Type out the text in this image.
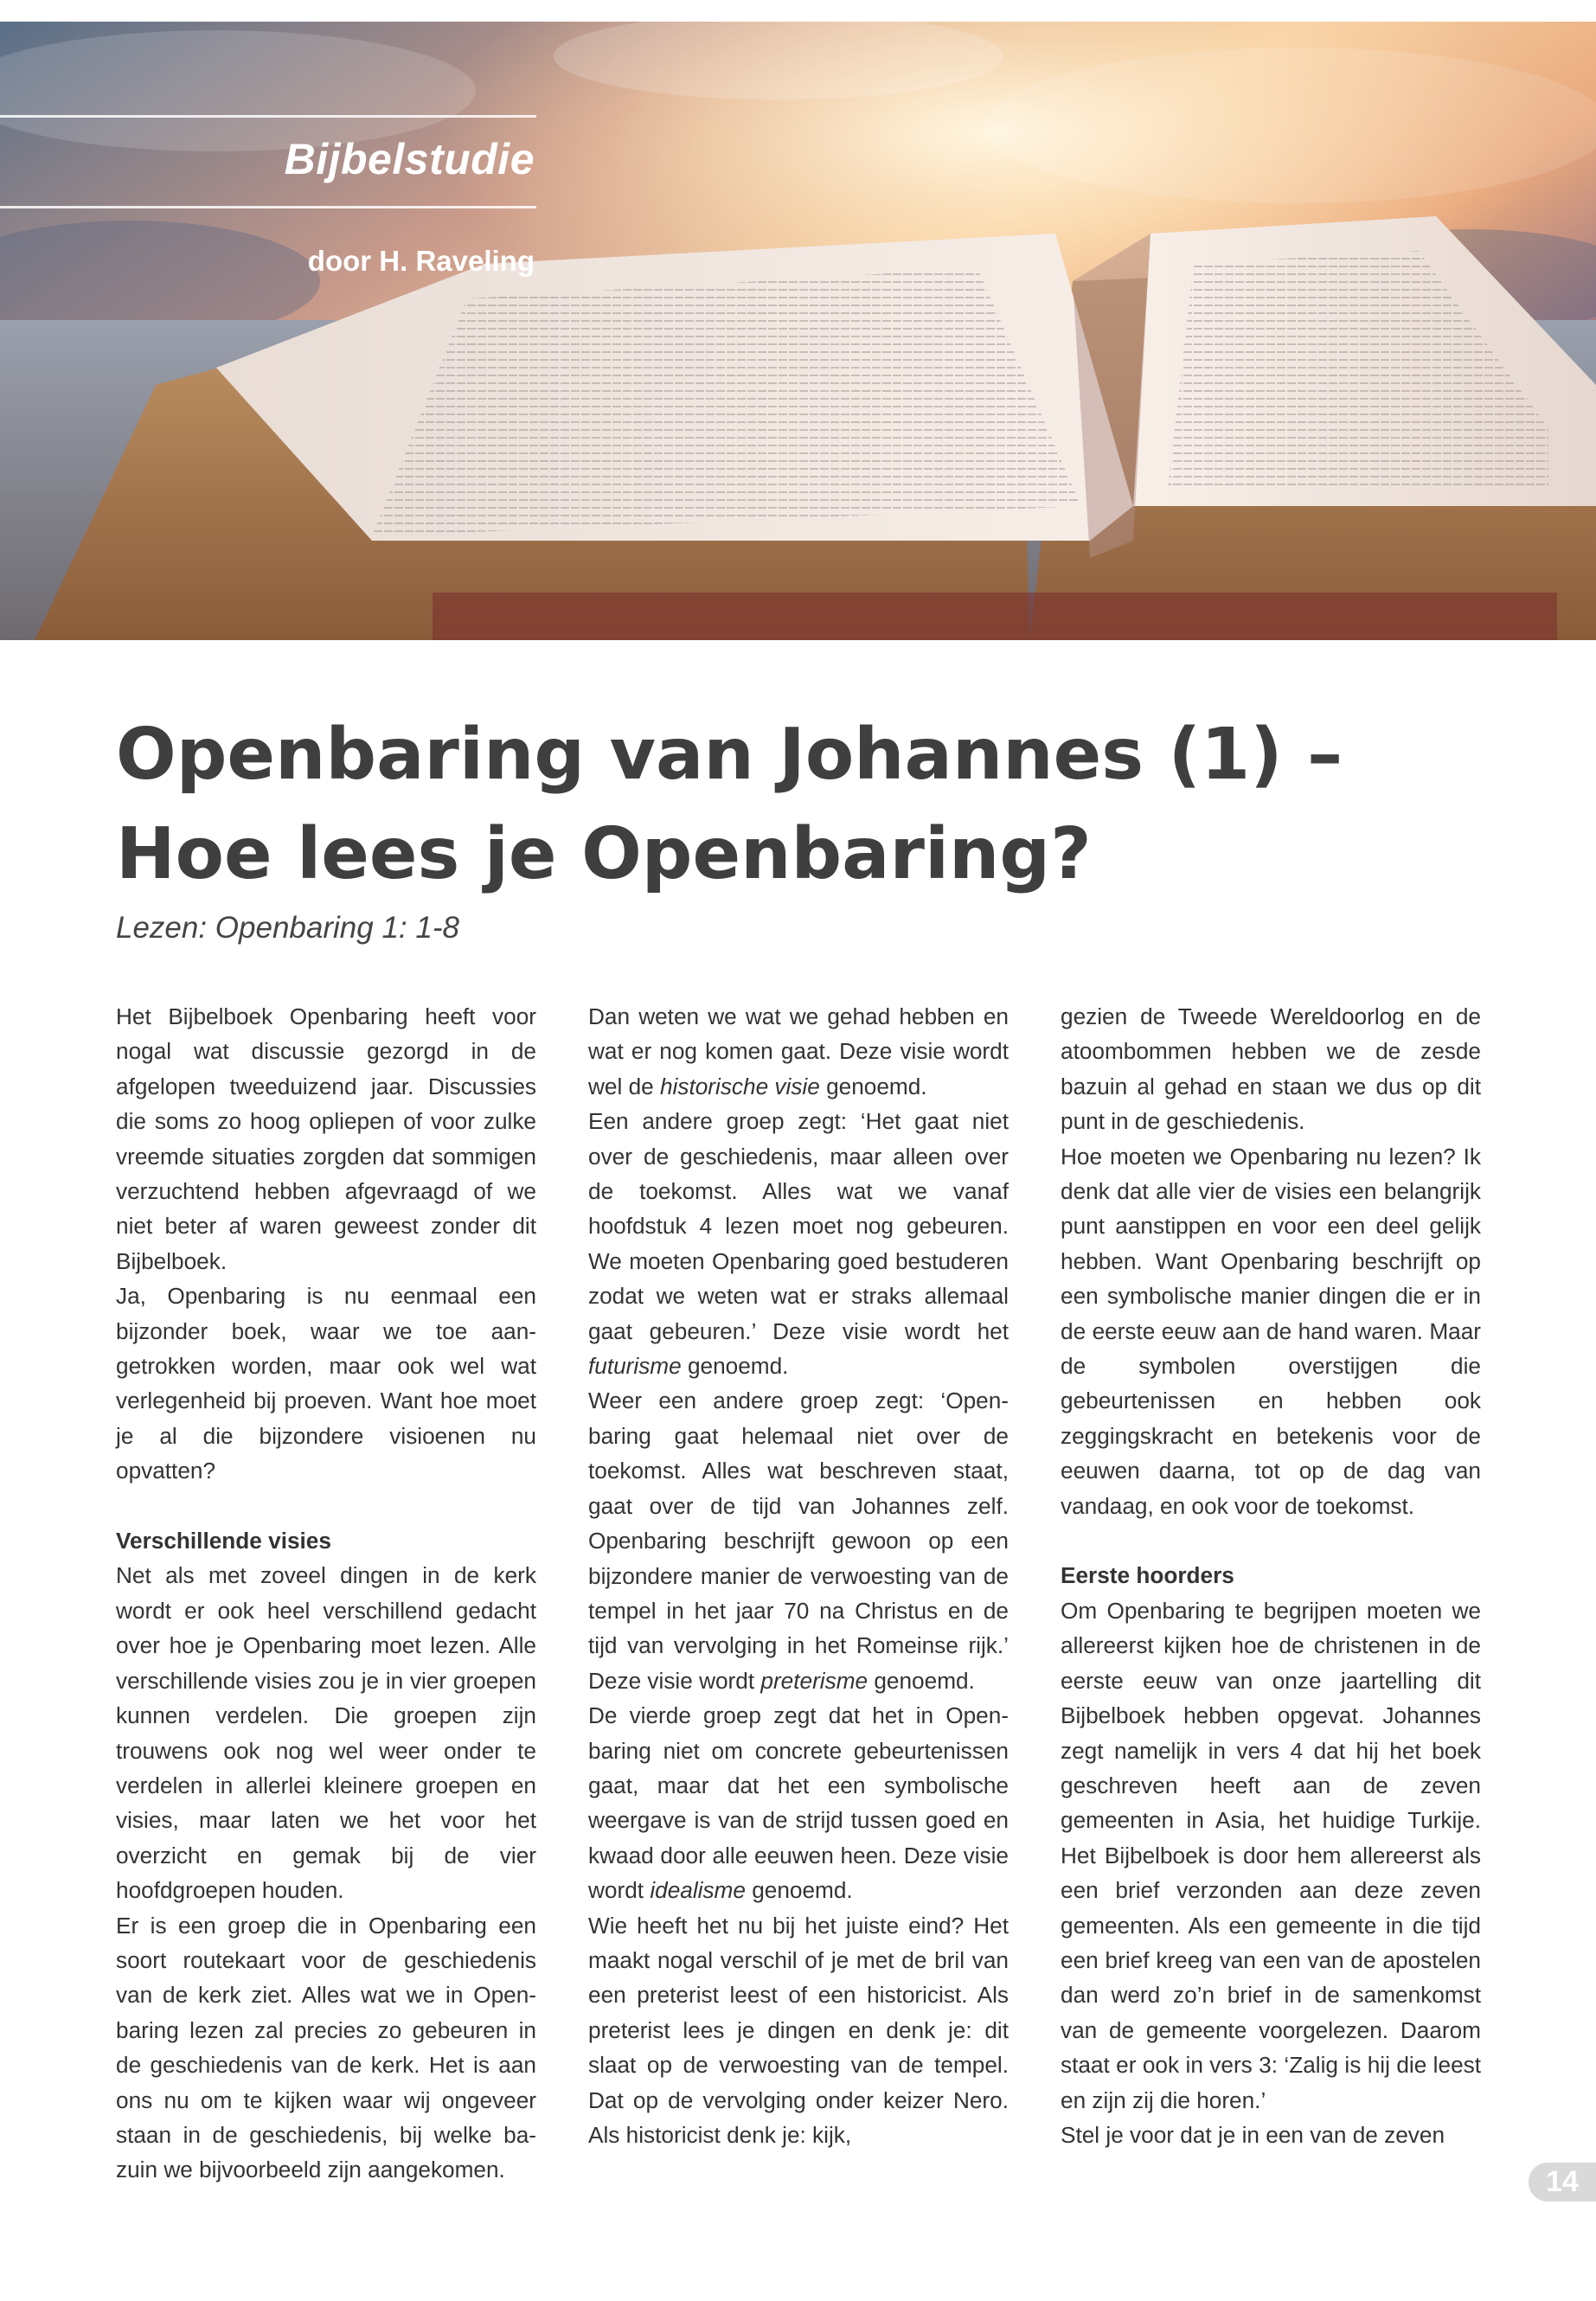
Bijbelstudie
door H. Raveling
Openbaring van Johannes (1) –
Hoe lees je Openbaring?
Lezen: Openbaring 1: 1-8

Het Bijbelboek Openbaring heeft voor nogal wat discussie gezorgd in de afgelopen tweeduizend jaar. Discussies die soms zo hoog opliepen of voor zulke vreemde situaties zorgden dat sommigen verzuchtend hebben afgevraagd of we niet beter af waren geweest zonder dit Bijbelboek.

Ja, Openbaring is nu eenmaal een bijzonder boek, waar we toe aangetrokken worden, maar ook wel wat verlegenheid bij proeven. Want hoe moet je al die bijzondere visioenen nu opvatten?

Verschillende visies

Net als met zoveel dingen in de kerk wordt er ook heel verschillend gedacht over hoe je Openbaring moet lezen. Alle verschillende visies zou je in vier groepen kunnen verdelen. Die groepen zijn trouwens ook nog wel weer onder te verdelen in allerlei kleinere groepen en visies, maar laten we het voor het overzicht en gemak bij de vier hoofdgroepen houden.

Er is een groep die in Openbaring een soort routekaart voor de geschiedenis van de kerk ziet. Alles wat we in Openbaring lezen zal precies zo gebeuren in de geschiedenis van de kerk. Het is aan ons nu om te kijken waar wij ongeveer staan in de geschiedenis, bij welke bazuin we bijvoorbeeld zijn aangekomen.

Dan weten we wat we gehad hebben en wat er nog komen gaat. Deze visie wordt wel de historische visie genoemd.

Een andere groep zegt: ‘Het gaat niet over de geschiedenis, maar alleen over de toekomst. Alles wat we vanaf hoofdstuk 4 lezen moet nog gebeuren. We moeten Openbaring goed bestuderen zodat we weten wat er straks allemaal gaat gebeuren.’ Deze visie wordt het futurisme genoemd.

Weer een andere groep zegt: ‘Openbaring gaat helemaal niet over de toekomst. Alles wat beschreven staat, gaat over de tijd van Johannes zelf. Openbaring beschrijft gewoon op een bijzondere manier de verwoesting van de tempel in het jaar 70 na Christus en de tijd van vervolging in het Romeinse rijk.’ Deze visie wordt preterisme genoemd.

De vierde groep zegt dat het in Openbaring niet om concrete gebeurtenissen gaat, maar dat het een symbolische weergave is van de strijd tussen goed en kwaad door alle eeuwen heen. Deze visie wordt idealisme genoemd.

Wie heeft het nu bij het juiste eind? Het maakt nogal verschil of je met de bril van een preterist leest of een historicist. Als preterist lees je dingen en denk je: dit slaat op de verwoesting van de tempel. Dat op de vervolging onder keizer Nero. Als historicist denk je: kijk,

gezien de Tweede Wereldoorlog en de atoombommen hebben we de zesde bazuin al gehad en staan we dus op dit punt in de geschiedenis.

Hoe moeten we Openbaring nu lezen? Ik denk dat alle vier de visies een belangrijk punt aanstippen en voor een deel gelijk hebben. Want Openbaring beschrijft op een symbolische manier dingen die er in de eerste eeuw aan de hand waren. Maar de symbolen overstijgen die gebeurtenissen en hebben ook zeggingskracht en betekenis voor de eeuwen daarna, tot op de dag van vandaag, en ook voor de toekomst.

Eerste hoorders

Om Openbaring te begrijpen moeten we allereerst kijken hoe de christenen in de eerste eeuw van onze jaartelling dit Bijbelboek hebben opgevat. Johannes zegt namelijk in vers 4 dat hij het boek geschreven heeft aan de zeven gemeenten in Asia, het huidige Turkije. Het Bijbelboek is door hem allereerst als een brief verzonden aan deze zeven gemeenten. Als een gemeente in die tijd een brief kreeg van een van de apostelen dan werd zo’n brief in de samenkomst van de gemeente voorgelezen. Daarom staat er ook in vers 3: ‘Zalig is hij die leest en zijn zij die horen.’

Stel je voor dat je in een van de zeven

14
